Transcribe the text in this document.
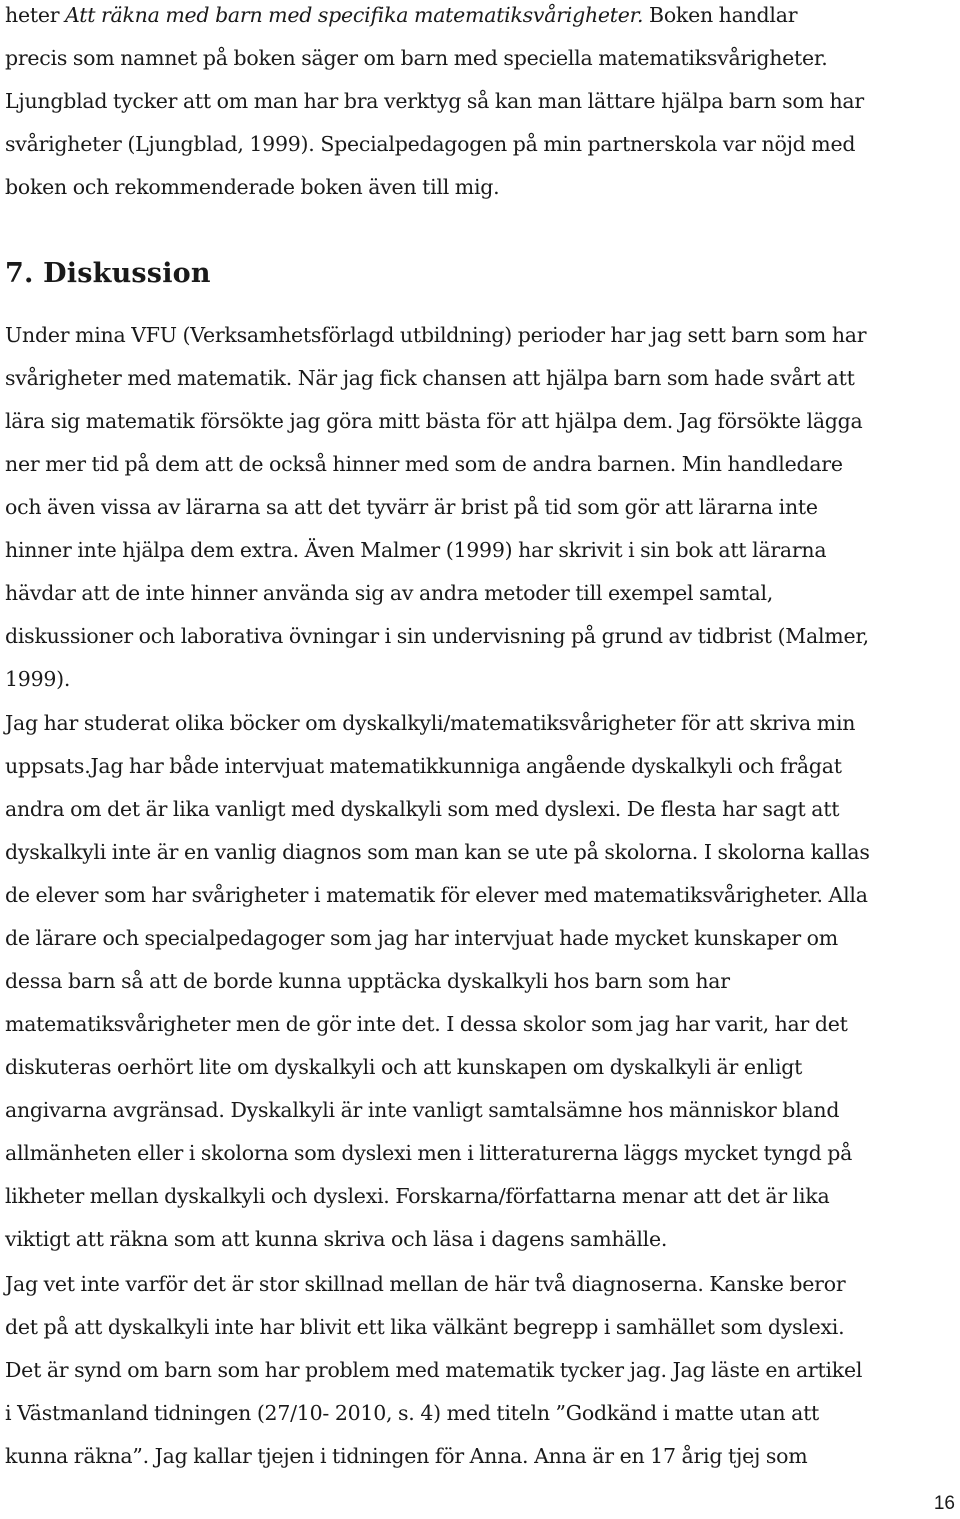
heter Att räkna med barn med specifika matematiksvårigheter. Boken handlar
precis som namnet på boken säger om barn med speciella matematiksvårigheter.
Ljungblad tycker att om man har bra verktyg så kan man lättare hjälpa barn som har
svårigheter (Ljungblad, 1999). Specialpedagogen på min partnerskola var nöjd med
boken och rekommenderade boken även till mig.
7. Diskussion
Under mina VFU (Verksamhetsförlagd utbildning) perioder har jag sett barn som har
svårigheter med matematik. När jag fick chansen att hjälpa barn som hade svårt att
lära sig matematik försökte jag göra mitt bästa för att hjälpa dem. Jag försökte lägga
ner mer tid på dem att de också hinner med som de andra barnen. Min handledare
och även vissa av lärarna sa att det tyvärr är brist på tid som gör att lärarna inte
hinner inte hjälpa dem extra. Även Malmer (1999) har skrivit i sin bok att lärarna
hävdar att de inte hinner använda sig av andra metoder till exempel samtal,
diskussioner och laborativa övningar i sin undervisning på grund av tidbrist (Malmer,
1999).
Jag har studerat olika böcker om dyskalkyli/matematiksvårigheter för att skriva min
uppsats.Jag har både intervjuat matematikkunniga angående dyskalkyli och frågat
andra om det är lika vanligt med dyskalkyli som med dyslexi. De flesta har sagt att
dyskalkyli inte är en vanlig diagnos som man kan se ute på skolorna. I skolorna kallas
de elever som har svårigheter i matematik för elever med matematiksvårigheter. Alla
de lärare och specialpedagoger som jag har intervjuat hade mycket kunskaper om
dessa barn så att de borde kunna upptäcka dyskalkyli hos barn som har
matematiksvårigheter men de gör inte det. I dessa skolor som jag har varit, har det
diskuteras oerhört lite om dyskalkyli och att kunskapen om dyskalkyli är enligt
angivarna avgränsad. Dyskalkyli är inte vanligt samtalsämne hos människor bland
allmänheten eller i skolorna som dyslexi men i litteraturerna läggs mycket tyngd på
likheter mellan dyskalkyli och dyslexi. Forskarna/författarna menar att det är lika
viktigt att räkna som att kunna skriva och läsa i dagens samhälle.
Jag vet inte varför det är stor skillnad mellan de här två diagnoserna. Kanske beror
det på att dyskalkyli inte har blivit ett lika välkänt begrepp i samhället som dyslexi.
Det är synd om barn som har problem med matematik tycker jag. Jag läste en artikel
i Västmanland tidningen (27/10- 2010, s. 4) med titeln ”Godkänd i matte utan att
kunna räkna”. Jag kallar tjejen i tidningen för Anna. Anna är en 17 årig tjej som
16
